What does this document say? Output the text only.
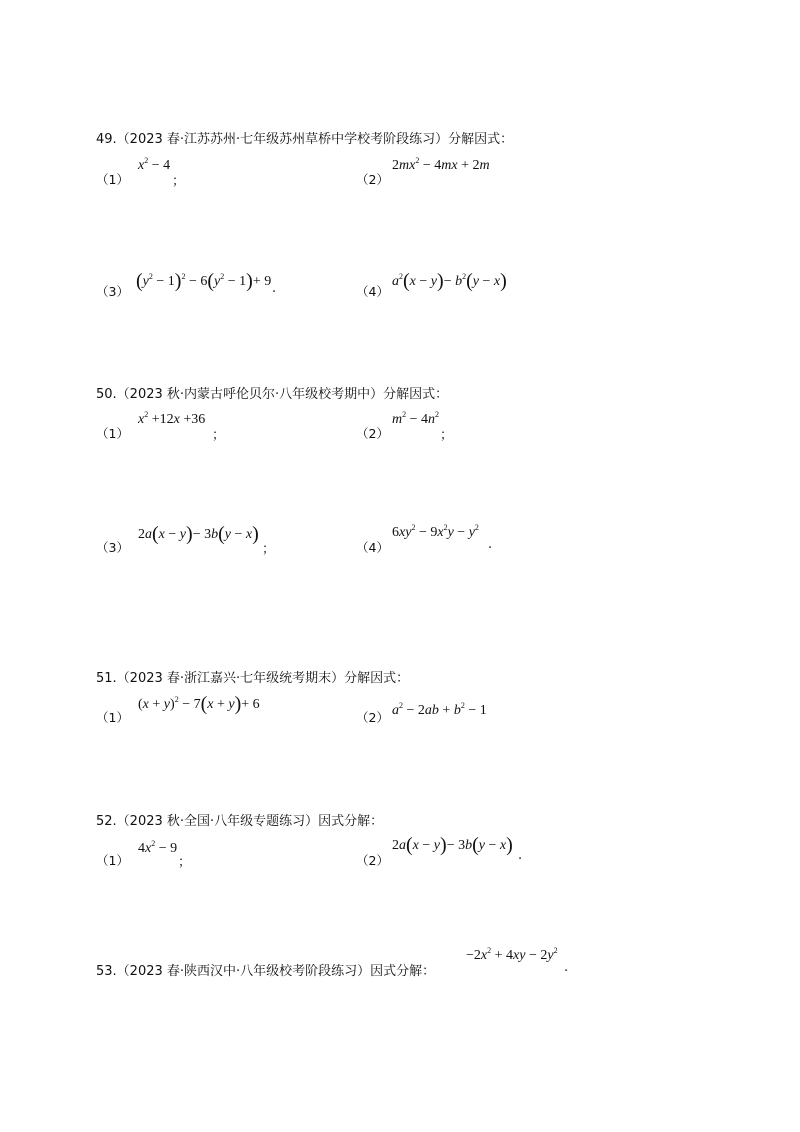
49.（2023 春·江苏苏州·七年级苏州草桥中学校考阶段练习）分解因式：
（1）
$x^2 - 4$
；	（2）
$2mx^2 - 4mx + 2m$
（3） $(y^2 - 1)^2 - 6(y^2 - 1)+ 9$ .	（4）
$a^2(x - y)- b^2(y - x)$
50.（2023 秋·内蒙古呼伦贝尔·八年级校考期中）分解因式：
（1）
$x^2 +12x +36$
；	（2）
$m^2 - 4n^2$
；
（3）
2a(x − y)− 3b(y − x)
；	（4）
$6xy^2 - 9x^2y - y^2$
.
51.（2023 春·浙江嘉兴·七年级统考期末）分解因式：
（1）
$(x + y)^2 - 7(x + y)+ 6$
（2） $a^2 - 2ab + b^2 - 1$
52.（2023 秋·全国·八年级专题练习）因式分解：
（1）
$4x^2 - 9$
；	（2）
2a(x − y)− 3b(y − x) .
53.（2023 春·陕西汉中·八年级校考阶段练习）因式分解：
$-2x^2 + 4xy - 2y^2$
.
